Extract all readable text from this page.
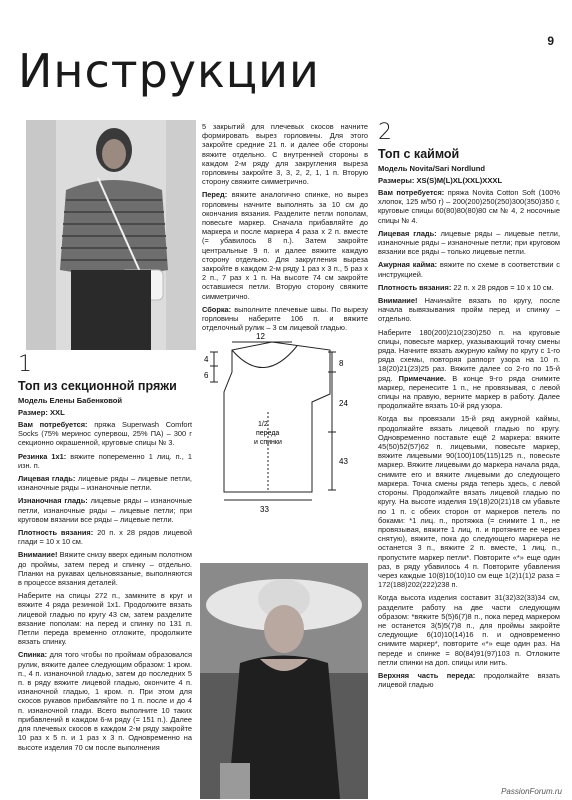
9
Инструкции
1
Топ из секционной пряжи
Модель Елены Бабенковой
Размер: XXL

Вам потребуется: пряжа Superwash Comfort Socks (75% мериноc супервош, 25% ПА) – 300 г секционно окрашенной, круговые спицы № 3.

Резинка 1х1: вяжите попеременно 1 лиц. п., 1 изн. п.

Лицевая гладь: лицевые ряды – лицевые петли, изнаночные ряды – изнаночные петли.

Изнаночная гладь: лицевые ряды – изнаночные петли, изнаночные ряды – лицевые петли; при круговом вязании все ряды – лицевые петли.

Плотность вязания: 20 п. х 28 рядов лицевой глади = 10 х 10 см.

Внимание! Вяжите снизу вверх единым полотном до проймы, затем перед и спинку – отдельно. Планки на рукавах цельновязаные, выполняются в процессе вязания деталей.

Наберите на спицы 272 п., замкните в круг и вяжите 4 ряда резинкой 1х1. Продолжите вязать лицевой гладью по кругу 43 см, затем разделите вязание пополам: на перед и спинку по 131 п. Петли переда временно отложите, продолжите вязать спинку.

Спинка: для того чтобы по проймам образовался рулик, вяжите далее следующим образом: 1 кром. п., 4 п. изнаночной гладью, затем до последних 5 п. в ряду вяжите лицевой гладью, окончите 4 п. изнаночной гладью, 1 кром. п. При этом для скосов рукавов прибавляйте по 1 п. после и до 4 п. изнаночной глади. Всего выполните 10 таких прибавлений в каждом 6-м ряду (= 151 п.). Далее для плечевых скосов в каждом 2-м ряду закройте 10 раз х 5 п. и 1 раз х 3 п. Одновременно на высоте изделия 70 см после выполнения

5 закрытий для плечевых скосов начните формировать вырез горловины. Для этого закройте средние 21 п. и далее обе стороны вяжите отдельно. С внутренней стороны в каждом 2-м ряду для закругления выреза горловины закройте 3, 3, 2, 2, 1, 1 п. Вторую сторону свяжите симметрично.

Перед: вяжите аналогично спинке, но вырез горловины начните выполнять за 10 см до окончания вязания. Разделите петли пополам, повесьте маркер. Сначала прибавляйте до маркера и после маркера 4 раза х 2 п. вместе (= убавилось 8 п.). Затем закройте центральные 9 п. и далее вяжите каждую сторону отдельно. Для закругления выреза закройте в каждом 2-м ряду 1 раз х 3 п., 5 раз х 2 п., 7 раз х 1 п. На высоте 74 см закройте оставшиеся петли. Вторую сторону свяжите симметрично.

Сборка: выполните плечевые швы. По вырезу горловины наберите 106 п. и вяжите отделочный рулик – 3 см лицевой гладью.

12
4
6
8
24
43
1/2
переда
и спинки
33
2
Топ с каймой
Модель Novita/Sari Nordlund
Размеры: XS(S)M(L)XL(XXL)XXXL

Вам потребуется: пряжа Novita Cotton Soft (100% хлопок, 125 м/50 г) – 200(200)250(250)300(350)350 г, круговые спицы 60(80)80(80)80 см № 4, 2 носочные спицы № 4.

Лицевая гладь: лицевые ряды – лицевые петли, изнаночные ряды – изнаночные петли; при круговом вязании все ряды – только лицевые петли.

Ажурная кайма: вяжите по схеме в соответствии с инструкцией.

Плотность вязания: 22 п. х 28 рядов = 10 х 10 см.

Внимание! Начинайте вязать по кругу, после начала вывязывания пройм перед и спинку – отдельно.

Наберите 180(200)210(230)250 п. на круговые спицы, повесьте маркер, указывающий точку смены ряда. Начните вязать ажурную кайму по кругу с 1-го ряда схемы, повторяя раппорт узора на 10 п. 18(20)21(23)25 раз. Вяжите далее со 2-го по 15-й ряд. Примечание. В конце 9-го ряда снимите маркер, перенесите 1 п., не провязывая, с левой спицы на правую, верните маркер в работу. Далее продолжайте вязать 10-й ряд узора.

Когда вы провязали 15-й ряд ажурной каймы, продолжайте вязать лицевой гладью по кругу. Одновременно поставьте ещё 2 маркера: вяжите 45(50)52(57)62 п. лицевыми, повесьте маркер, вяжите лицевыми 90(100)105(115)125 п., повесьте маркер. Вяжите лицевыми до маркера начала ряда, снимите его и вяжите лицевыми до следующего маркера. Точка смены ряда теперь здесь, с левой стороны. Продолжайте вязать лицевой гладью по кругу. На высоте изделия 19(18)20(21)18 см убавьте по 1 п. с обеих сторон от маркеров петель по боками: *1 лиц. п., протяжка (= снимите 1 п., не провязывая, вяжите 1 лиц. п. и протяните ее через снятую), вяжите, пока до следующего маркера не останется 3 п., вяжите 2 п. вместе, 1 лиц. п., пропустите маркер петли*. Повторите «*» еще один раз, в ряду убавилось 4 п. Повторите убавления через каждые 10(8)10(10)10 см еще 1(2)1(1)2 раза = 172(188)202(222)238 п.

Когда высота изделия составит 31(32)32(33)34 см, разделите работу на две части следующим образом: *вяжите 5(5)6(7)8 п., пока перед маркером не останется 3(5)5(7)8 п., для проймы закройте следующие 6(10)10(14)16 п. и одновременно снимите маркер*, повторите «*» еще один раз. На переде и спинке = 80(84)91(97)103 п. Отложите петли спинки на доп. спицы или нить.

Верхняя часть переда: продолжайте вязать лицевой гладью

PassionForum.ru
